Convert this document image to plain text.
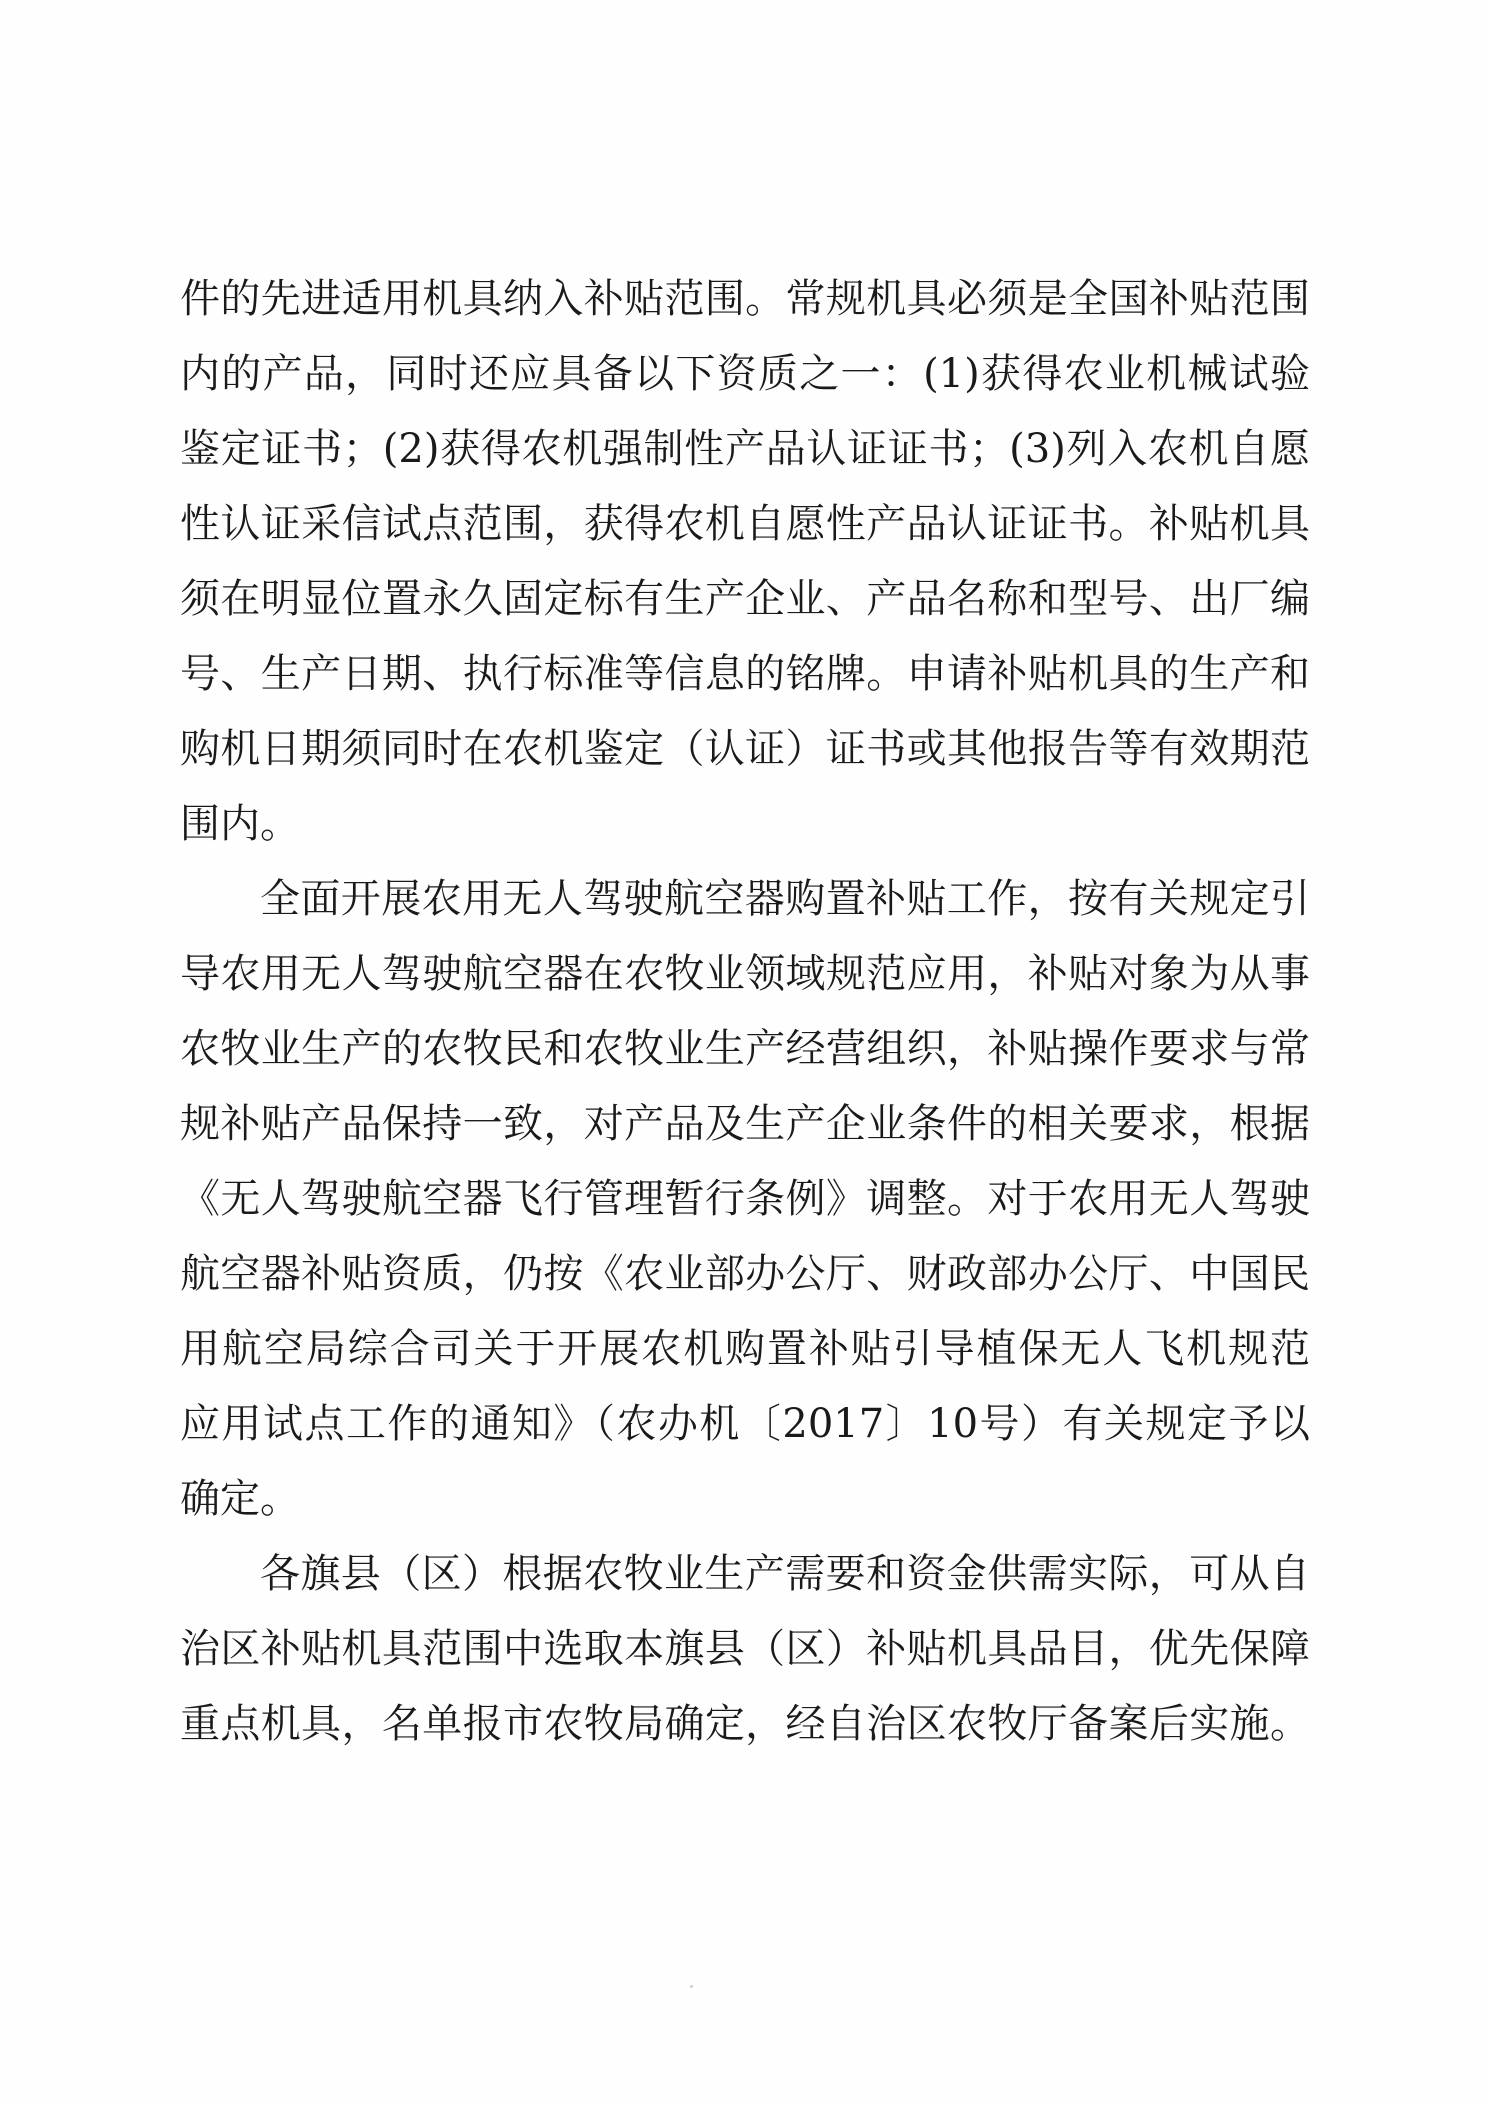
件的先进适用机具纳入补贴范围。常规机具必须是全国补贴范围
内的产品，同时还应具备以下资质之一：(1)获得农业机械试验
鉴定证书；(2)获得农机强制性产品认证证书；(3)列入农机自愿
性认证采信试点范围，获得农机自愿性产品认证证书。补贴机具
须在明显位置永久固定标有生产企业、产品名称和型号、出厂编
号、生产日期、执行标准等信息的铭牌。申请补贴机具的生产和
购机日期须同时在农机鉴定（认证）证书或其他报告等有效期范
围内。
全面开展农用无人驾驶航空器购置补贴工作，按有关规定引
导农用无人驾驶航空器在农牧业领域规范应用，补贴对象为从事
农牧业生产的农牧民和农牧业生产经营组织，补贴操作要求与常
规补贴产品保持一致，对产品及生产企业条件的相关要求，根据
《无人驾驶航空器飞行管理暂行条例》调整。对于农用无人驾驶
航空器补贴资质，仍按《农业部办公厅、财政部办公厅、中国民
用航空局综合司关于开展农机购置补贴引导植保无人飞机规范
应用试点工作的通知》（农办机〔2017〕10号）有关规定予以
确定。
各旗县（区）根据农牧业生产需要和资金供需实际，可从自
治区补贴机具范围中选取本旗县（区）补贴机具品目，优先保障
重点机具，名单报市农牧局确定，经自治区农牧厅备案后实施。
